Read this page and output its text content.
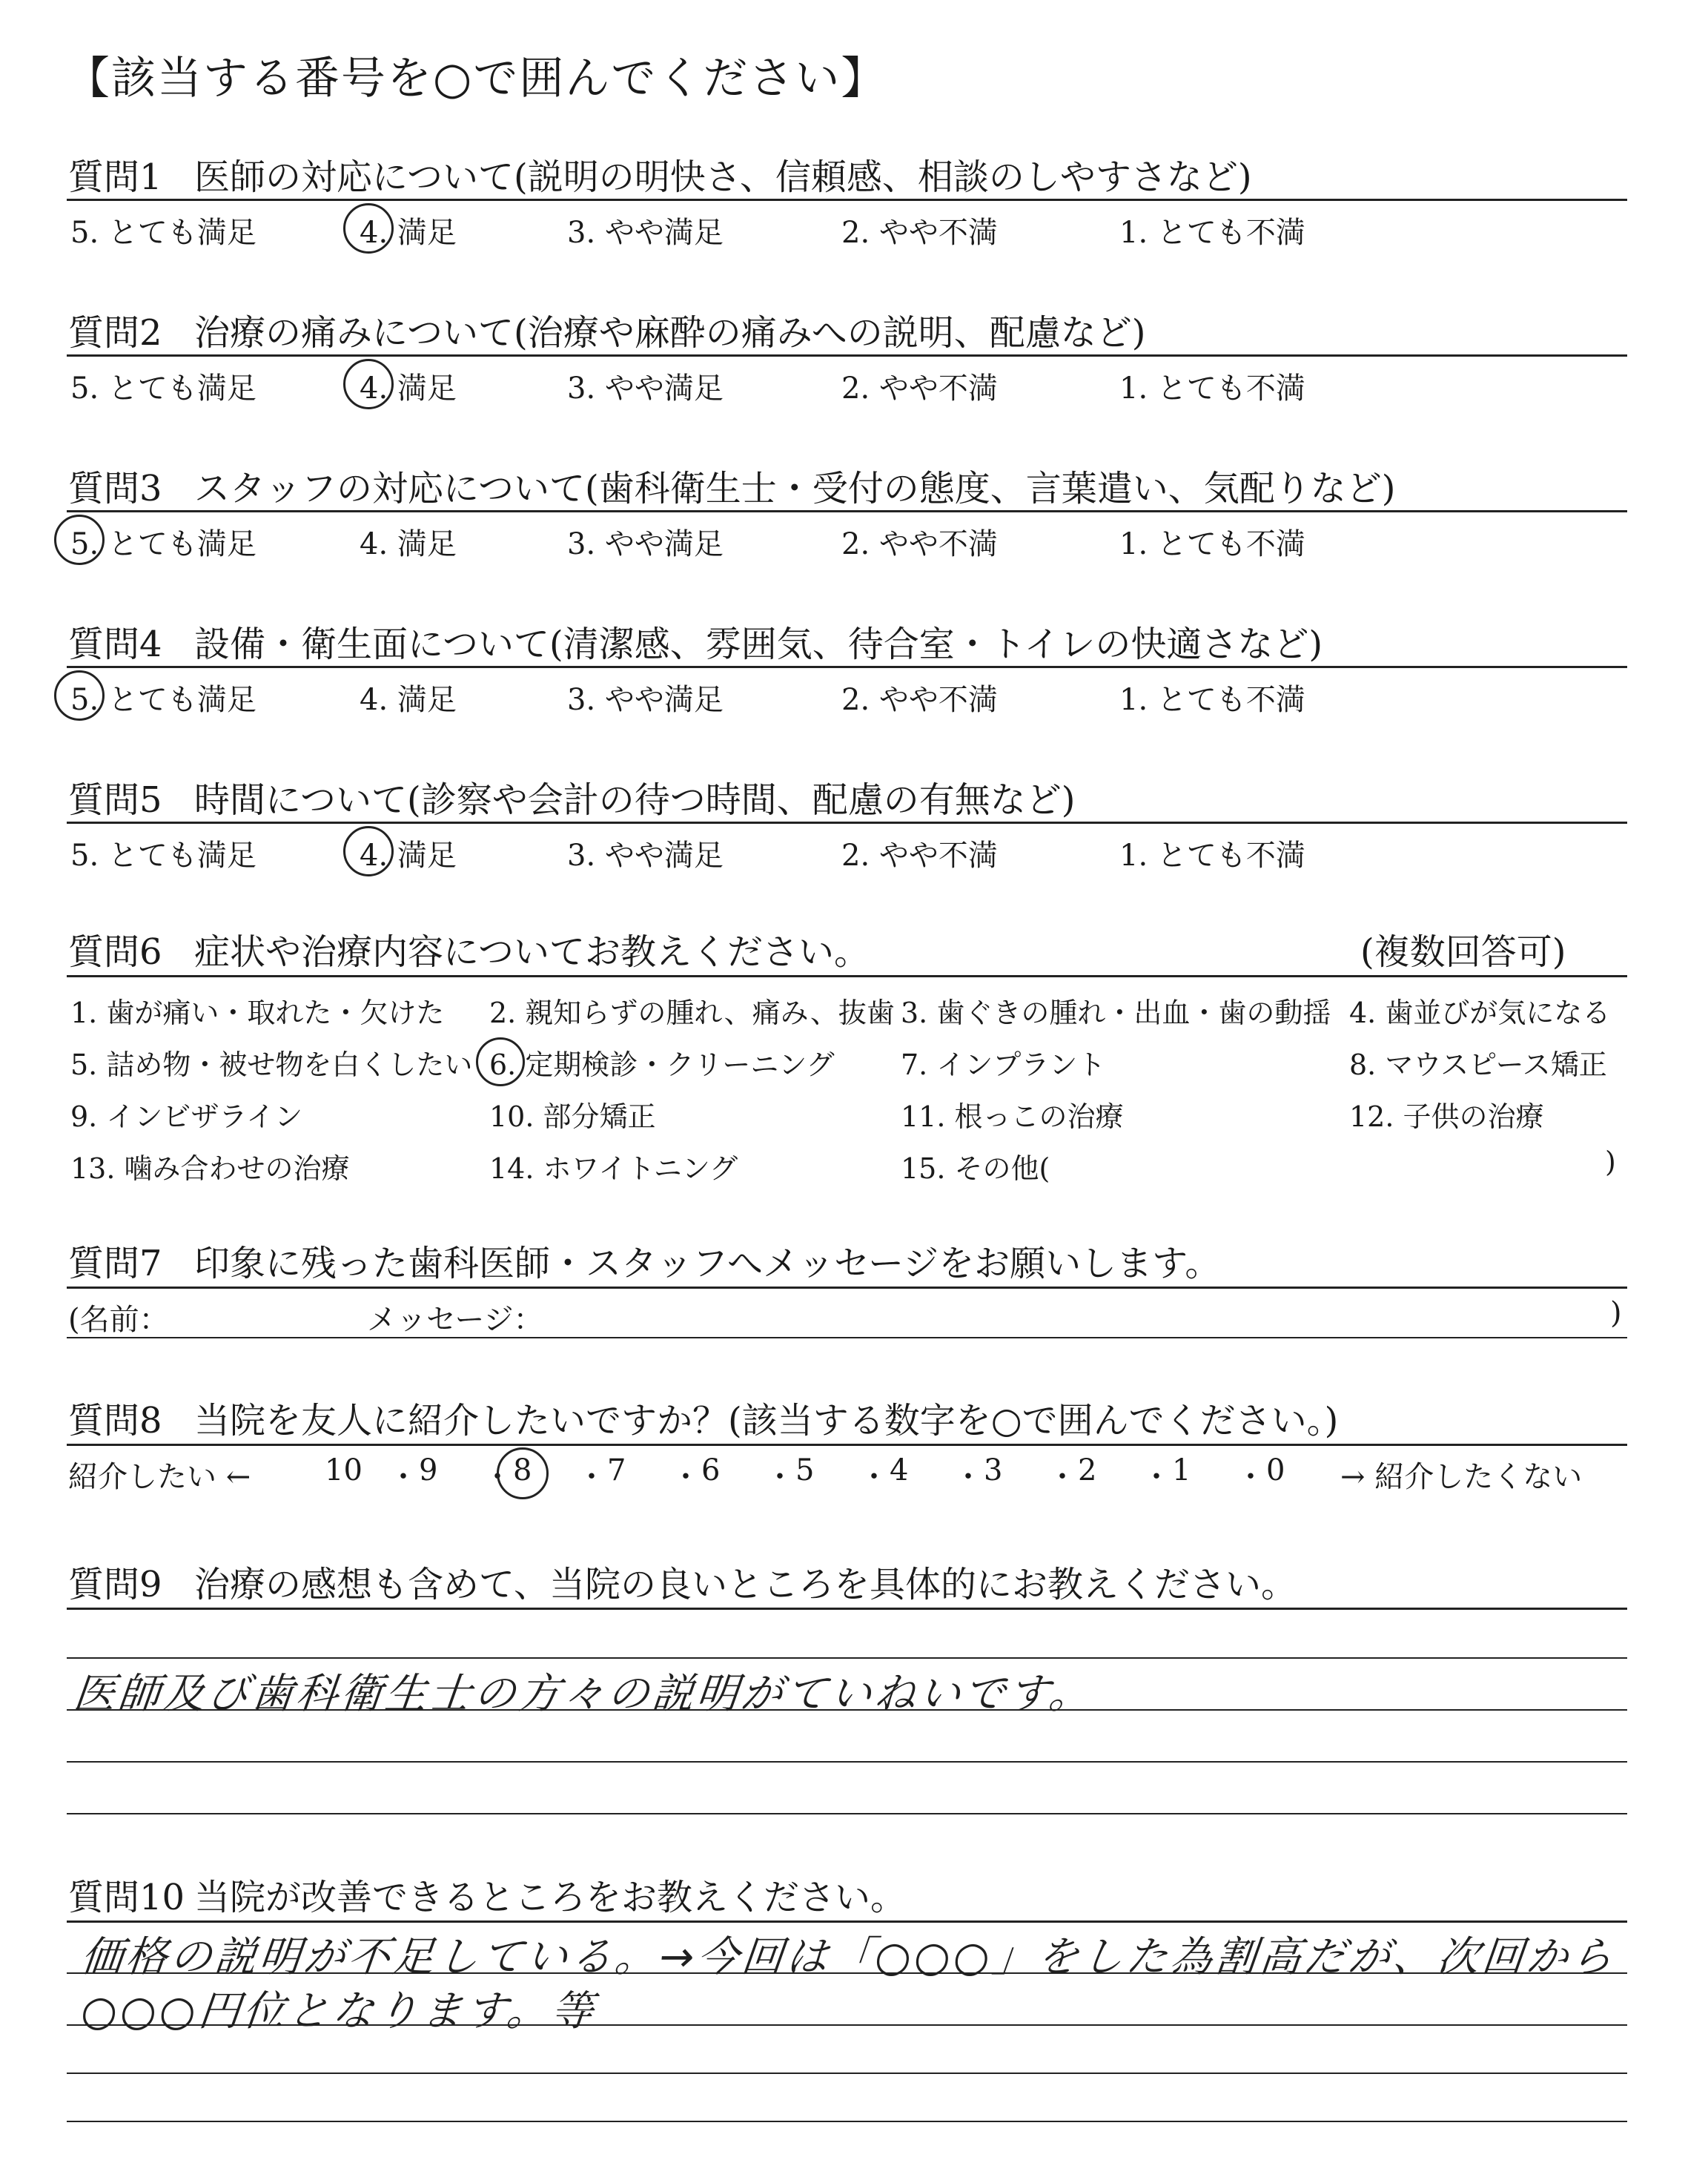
【該当する番号を○で囲んでください】
質問1 医師の対応について(説明の明快さ、信頼感、相談のしやすさなど)
5. とても満足	4. 満足	3. やや満足	2. やや不満	1. とても不満
質問2 治療の痛みについて(治療や麻酔の痛みへの説明、配慮など)
5. とても満足	4. 満足	3. やや満足	2. やや不満	1. とても不満
質問3 スタッフの対応について(歯科衛生士・受付の態度、言葉遣い、気配りなど)
5. とても満足	4. 満足	3. やや満足	2. やや不満	1. とても不満
質問4 設備・衛生面について(清潔感、雰囲気、待合室・トイレの快適さなど)
5. とても満足	4. 満足	3. やや満足	2. やや不満	1. とても不満
質問5 時間について(診察や会計の待つ時間、配慮の有無など)
5. とても満足	4. 満足	3. やや満足	2. やや不満	1. とても不満
質問6 症状や治療内容についてお教えください。	(複数回答可)
1. 歯が痛い・取れた・欠けた 2. 親知らずの腫れ、痛み、抜歯 3. 歯ぐきの腫れ・出血・歯の動揺 4. 歯並びが気になる
5. 詰め物・被せ物を白くしたい 6. 定期検診・クリーニング 7. インプラント	8. マウスピース矯正
9. インビザライン	10. 部分矯正	11. 根っこの治療	12. 子供の治療
13. 噛み合わせの治療	14. ホワイトニング	15. その他(	)
質問7 印象に残った歯科医師・スタッフへメッセージをお願いします。
(名前：	メッセージ：	)
質問8 当院を友人に紹介したいですか？(該当する数字を○で囲んでください。)
紹介したい ←	→ 紹介したくない
10 ・ 9 ・ 8 ・ 7 ・ 6 ・ 5 ・ 4 ・ 3 ・ 2 ・ 1 ・ 0
質問9 治療の感想も含めて、当院の良いところを具体的にお教えください。
医師及び歯科衛生士の方々の説明がていねいです。
質問10 当院が改善できるところをお教えください。
価格の説明が不足している。→今回は「○○○」をした為割高だが、次回から
○○○円位となります。等
